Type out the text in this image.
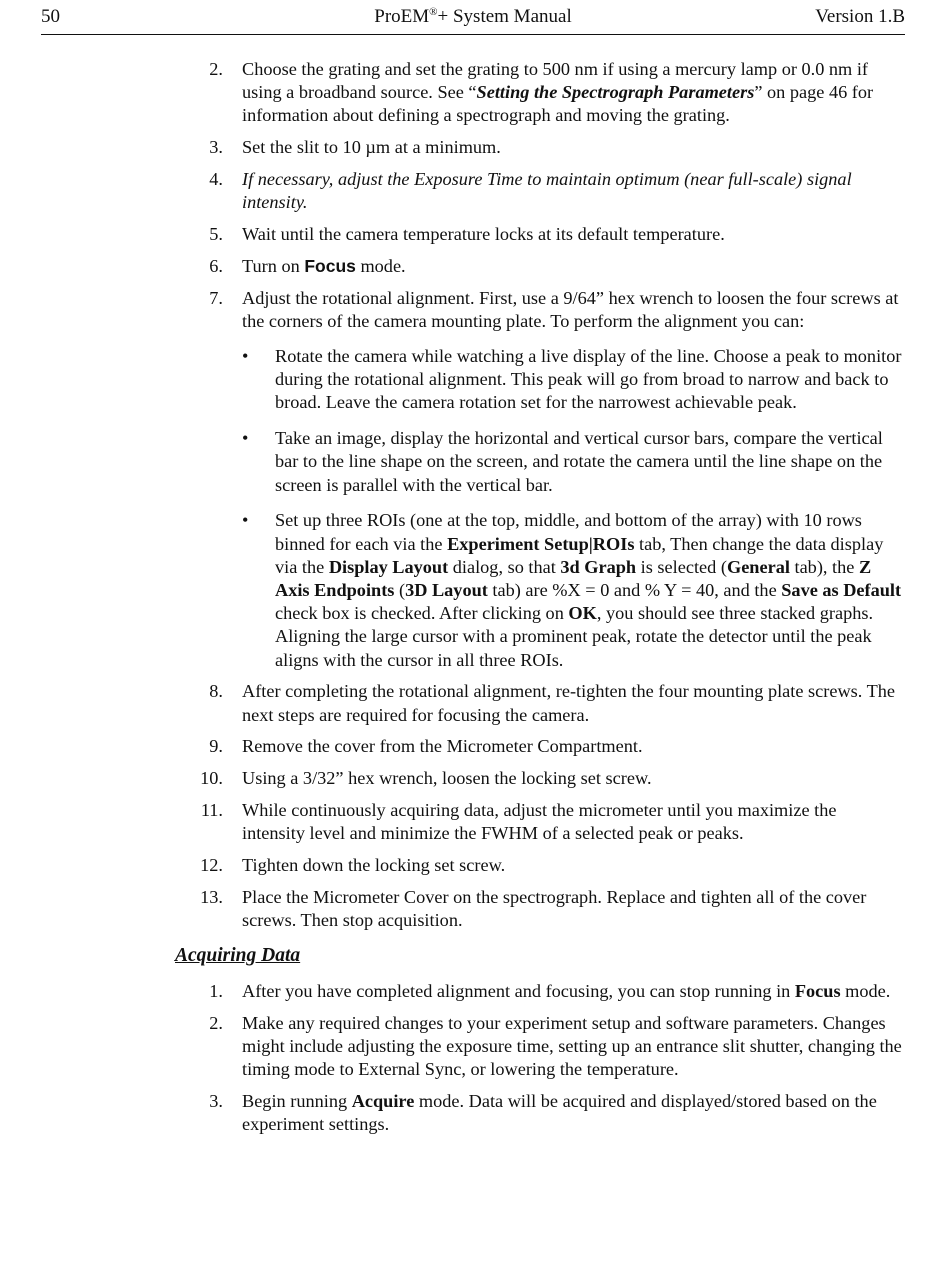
50	ProEM®+ System Manual	Version 1.B
2. Choose the grating and set the grating to 500 nm if using a mercury lamp or 0.0 nm if using a broadband source. See “Setting the Spectrograph Parameters” on page 46 for information about defining a spectrograph and moving the grating.
3. Set the slit to 10 µm at a minimum.
4. If necessary, adjust the Exposure Time to maintain optimum (near full-scale) signal intensity.
5. Wait until the camera temperature locks at its default temperature.
6. Turn on Focus mode.
7. Adjust the rotational alignment. First, use a 9/64” hex wrench to loosen the four screws at the corners of the camera mounting plate. To perform the alignment you can:
• Rotate the camera while watching a live display of the line. Choose a peak to monitor during the rotational alignment. This peak will go from broad to narrow and back to broad. Leave the camera rotation set for the narrowest achievable peak.
• Take an image, display the horizontal and vertical cursor bars, compare the vertical bar to the line shape on the screen, and rotate the camera until the line shape on the screen is parallel with the vertical bar.
• Set up three ROIs (one at the top, middle, and bottom of the array) with 10 rows binned for each via the Experiment Setup|ROIs tab, Then change the data display via the Display Layout dialog, so that 3d Graph is selected (General tab), the Z Axis Endpoints (3D Layout tab) are %X = 0 and % Y = 40, and the Save as Default check box is checked. After clicking on OK, you should see three stacked graphs. Aligning the large cursor with a prominent peak, rotate the detector until the peak aligns with the cursor in all three ROIs.
8. After completing the rotational alignment, re-tighten the four mounting plate screws. The next steps are required for focusing the camera.
9. Remove the cover from the Micrometer Compartment.
10. Using a 3/32” hex wrench, loosen the locking set screw.
11. While continuously acquiring data, adjust the micrometer until you maximize the intensity level and minimize the FWHM of a selected peak or peaks.
12. Tighten down the locking set screw.
13. Place the Micrometer Cover on the spectrograph. Replace and tighten all of the cover screws. Then stop acquisition.
Acquiring Data
1. After you have completed alignment and focusing, you can stop running in Focus mode.
2. Make any required changes to your experiment setup and software parameters. Changes might include adjusting the exposure time, setting up an entrance slit shutter, changing the timing mode to External Sync, or lowering the temperature.
3. Begin running Acquire mode. Data will be acquired and displayed/stored based on the experiment settings.
